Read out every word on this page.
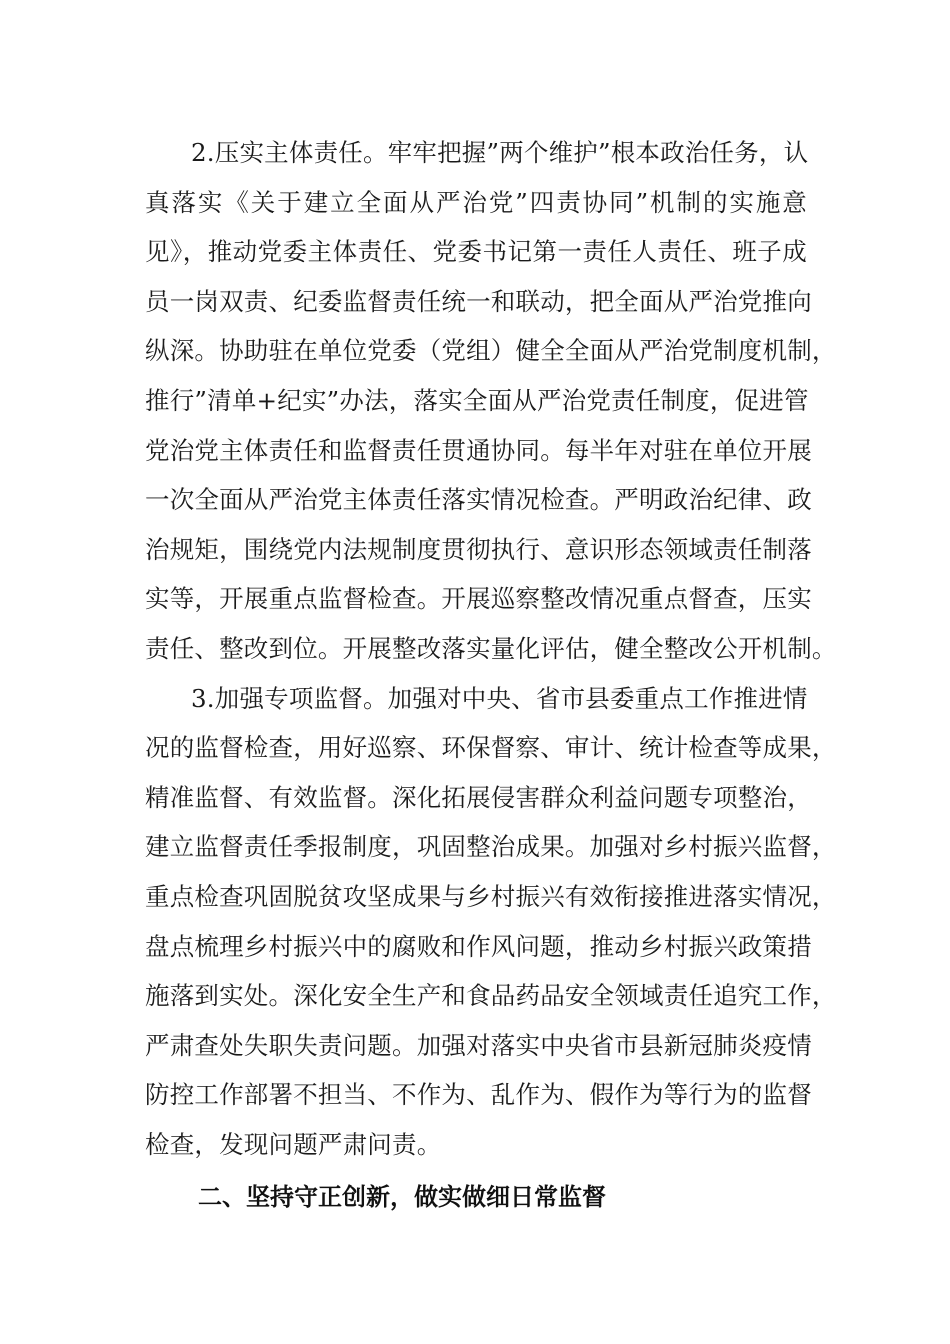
2.压实主体责任。牢牢把握”两个维护”根本政治任务，认
真落实《关于建立全面从严治党”四责协同”机制的实施意
见》，推动党委主体责任、党委书记第一责任人责任、班子成
员一岗双责、纪委监督责任统一和联动，把全面从严治党推向
纵深。协助驻在单位党委（党组）健全全面从严治党制度机制，
推行”清单+纪实”办法，落实全面从严治党责任制度，促进管
党治党主体责任和监督责任贯通协同。每半年对驻在单位开展
一次全面从严治党主体责任落实情况检查。严明政治纪律、政
治规矩，围绕党内法规制度贯彻执行、意识形态领域责任制落
实等，开展重点监督检查。开展巡察整改情况重点督查，压实
责任、整改到位。开展整改落实量化评估，健全整改公开机制。
3.加强专项监督。加强对中央、省市县委重点工作推进情
况的监督检查，用好巡察、环保督察、审计、统计检查等成果，
精准监督、有效监督。深化拓展侵害群众利益问题专项整治，
建立监督责任季报制度，巩固整治成果。加强对乡村振兴监督，
重点检查巩固脱贫攻坚成果与乡村振兴有效衔接推进落实情况，
盘点梳理乡村振兴中的腐败和作风问题，推动乡村振兴政策措
施落到实处。深化安全生产和食品药品安全领域责任追究工作，
严肃查处失职失责问题。加强对落实中央省市县新冠肺炎疫情
防控工作部署不担当、不作为、乱作为、假作为等行为的监督
检查，发现问题严肃问责。
二、坚持守正创新，做实做细日常监督
